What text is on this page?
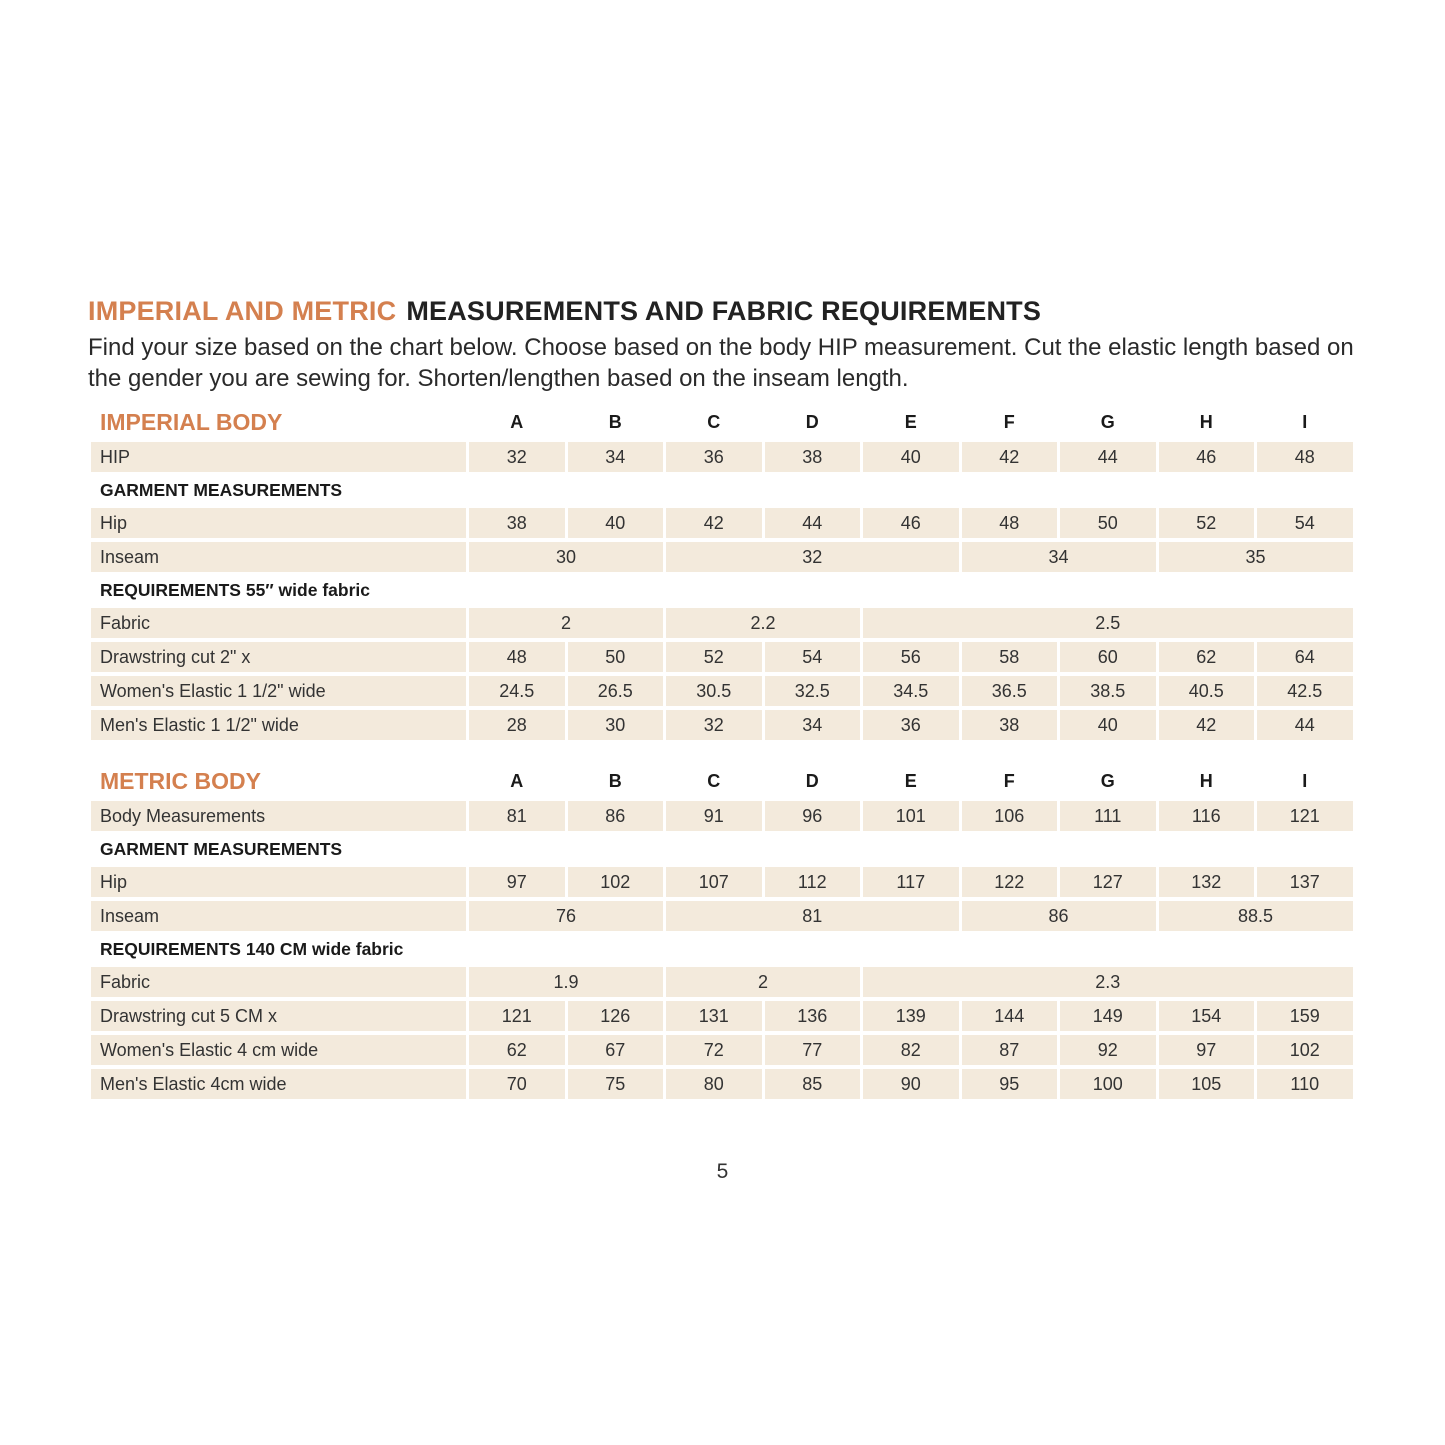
IMPERIAL AND METRIC MEASUREMENTS AND FABRIC REQUIREMENTS
Find your size based on the chart below. Choose based on the body HIP measurement. Cut the elastic length based on the gender you are sewing for. Shorten/lengthen based on the inseam length.
IMPERIAL BODY	A	B	C	D	E	F	G	H	I
HIP	32	34	36	38	40	42	44	46	48
GARMENT MEASUREMENTS									
Hip	38	40	42	44	46	48	50	52	54
Inseam	30		32			34		35	
REQUIREMENTS 55″ wide fabric									
Fabric	2		2.2		2.5				
Drawstring cut 2" x	48	50	52	54	56	58	60	62	64
Women's Elastic 1 1/2" wide	24.5	26.5	30.5	32.5	34.5	36.5	38.5	40.5	42.5
Men's Elastic 1 1/2" wide	28	30	32	34	36	38	40	42	44
METRIC BODY	A	B	C	D	E	F	G	H	I
Body Measurements	81	86	91	96	101	106	111	116	121
GARMENT MEASUREMENTS									
Hip	97	102	107	112	117	122	127	132	137
Inseam	76		81			86		88.5	
REQUIREMENTS 140 CM wide fabric									
Fabric	1.9		2		2.3				
Drawstring cut 5 CM x	121	126	131	136	139	144	149	154	159
Women's Elastic 4 cm wide	62	67	72	77	82	87	92	97	102
Men's Elastic 4cm wide	70	75	80	85	90	95	100	105	110
5
